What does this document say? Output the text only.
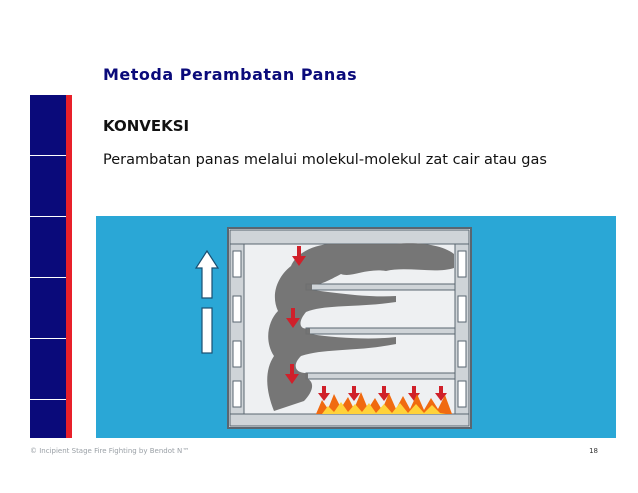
Metoda Perambatan Panas
KONVEKSI

Perambatan panas melalui molekul-molekul zat cair atau gas

© Incipient Stage Fire Fighting by Bendot N™	18
